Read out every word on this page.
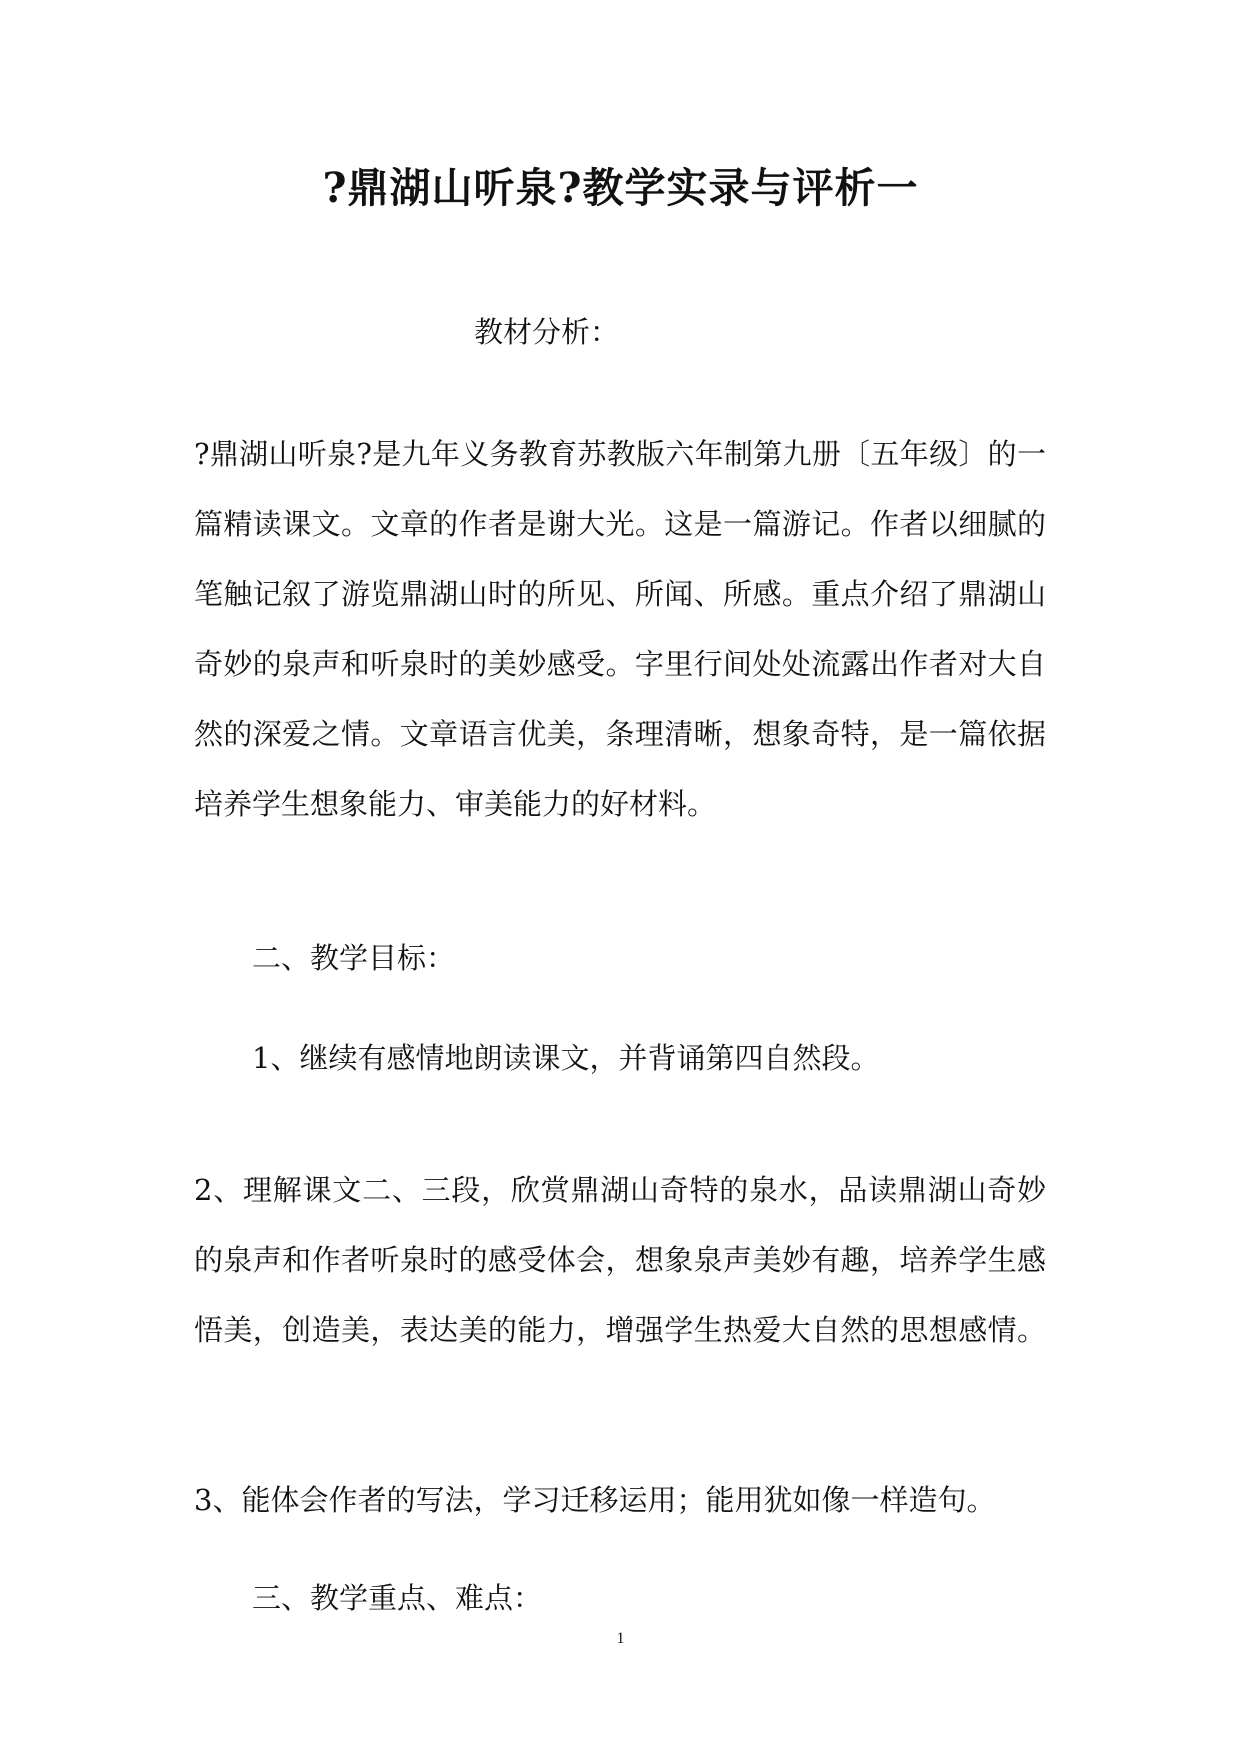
?鼎湖山听泉?教学实录与评析一
教材分析：
?鼎湖山听泉?是九年义务教育苏教版六年制第九册〔五年级〕的一
篇精读课文。文章的作者是谢大光。这是一篇游记。作者以细腻的
笔触记叙了游览鼎湖山时的所见、所闻、所感。重点介绍了鼎湖山
奇妙的泉声和听泉时的美妙感受。字里行间处处流露出作者对大自
然的深爱之情。文章语言优美，条理清晰，想象奇特，是一篇依据
培养学生想象能力、审美能力的好材料。
二、教学目标：
1、继续有感情地朗读课文，并背诵第四自然段。
2、理解课文二、三段，欣赏鼎湖山奇特的泉水，品读鼎湖山奇妙
的泉声和作者听泉时的感受体会，想象泉声美妙有趣，培养学生感
悟美，创造美，表达美的能力，增强学生热爱大自然的思想感情。
3、能体会作者的写法，学习迁移运用；能用犹如像一样造句。
三、教学重点、难点：
1
